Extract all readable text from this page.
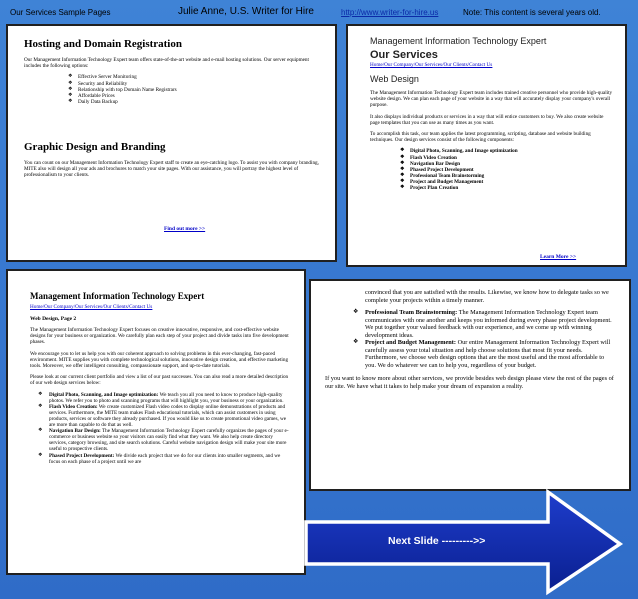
Our Services Sample Pages	Julie Anne, U.S. Writer for Hire	http://www.writer-for-hire.us	Note: This content is several years old.
Hosting and Domain Registration

Our Management Information Technology Expert team offers state-of-the-art website and e-mail hosting solutions. Our server equipment includes the following options:

❖ Effective Server Monitoring
❖ Security and Reliability
❖ Relationship with top Domain Name Registrars
❖ Affordable Prices
❖ Daily Data Backup
Graphic Design and Branding

You can count on our Management Information Technology Expert staff to create an eye-catching logo. To assist you with company branding, MITE also will design all your ads and brochures to match your site pages. With our assistance, you will portray the highest level of professionalism to your clients.

Find out more >>
Management Information Technology Expert
Our Services
Home/Our Company/Our Services/Our Clients/Contact Us
Web Design

The Management Information Technology Expert team includes trained creative personnel who provide high-quality website design. We can plan each page of your website in a way that will accurately display your company's overall purpose.

It also displays individual products or services in a way that will entice customers to buy. We also create website page templates that you can use as many times as you want.

To accomplish this task, our team applies the latest programming, scripting, database and website building techniques. Our design services consist of the following components:

❖ Digital Photo, Scanning, and Image optimization
❖ Flash Video Creation
❖ Navigation Bar Design
❖ Phased Project Development
❖ Professional Team Brainstorming
❖ Project and Budget Management
❖ Project Plan Creation
Learn More >>
Management Information Technology Expert
Home/Our Company/Our Services/Our Clients/Contact Us
Web Design, Page 2

The Management Information Technology Expert focuses on creative innovative, responsive, and cost-effective website designs for your business or organization. We carefully plan each step of your project and divide tasks into five development phases.

We encourage you to let us help you with our coherent approach to solving problems in this ever-changing, fast-paced environment. MITE supplies you with complete technological solutions, innovative design creation, and effective marketing tools. Moreover, we offer intelligent consulting, compassionate support, and up-to-date tutorials.

Please look at our current client portfolio and view a list of our past successes. You can also read a more detailed description of our web design services below:

❖ Digital Photo, Scanning, and Image optimization: We teach you all you need to know to produce high-quality photos. We refer you to photo and scanning programs that will highlight you, your business or your organization.
❖ Flash Video Creation: We create customized Flash video codes to display online demonstrations of products and services. Furthermore, the MITE team makes Flash educational tutorials, which can assist customers in using products, services or software they already purchased. If you would like us to create promotional video games, we are more than capable to do that as well.
❖ Navigation Bar Design: The Management Information Technology Expert carefully organizes the pages of your e-commerce or business website so your visitors can easily find what they want. We also help create directory services, category browsing, and site search solutions. Careful website navigation design will make your site more useful to prospective clients.
❖ Phased Project Development: We divide each project that we do for our clients into smaller segments, and we focus on each phase of a project until we are

convinced that you are satisfied with the results. Likewise, we know how to delegate tasks so we complete your projects within a timely manner.

❖ Professional Team Brainstorming: The Management Information Technology Expert team communicates with one another and keeps you informed during every phase project development. We put together your valued feedback with our experience, and we come up with winning development ideas.
❖ Project and Budget Management: Our entire Management Information Technology Expert will carefully assess your total situation and help choose solutions that most fit your needs. Furthermore, we choose web design options that are the most useful and the most affordable to you. We do whatever we can to help you, regardless of your budget.

If you want to know more about other services, we provide besides web design please view the rest of the pages of our site. We have what it takes to help make your dream of expansion a reality.

Next Slide --------->>
